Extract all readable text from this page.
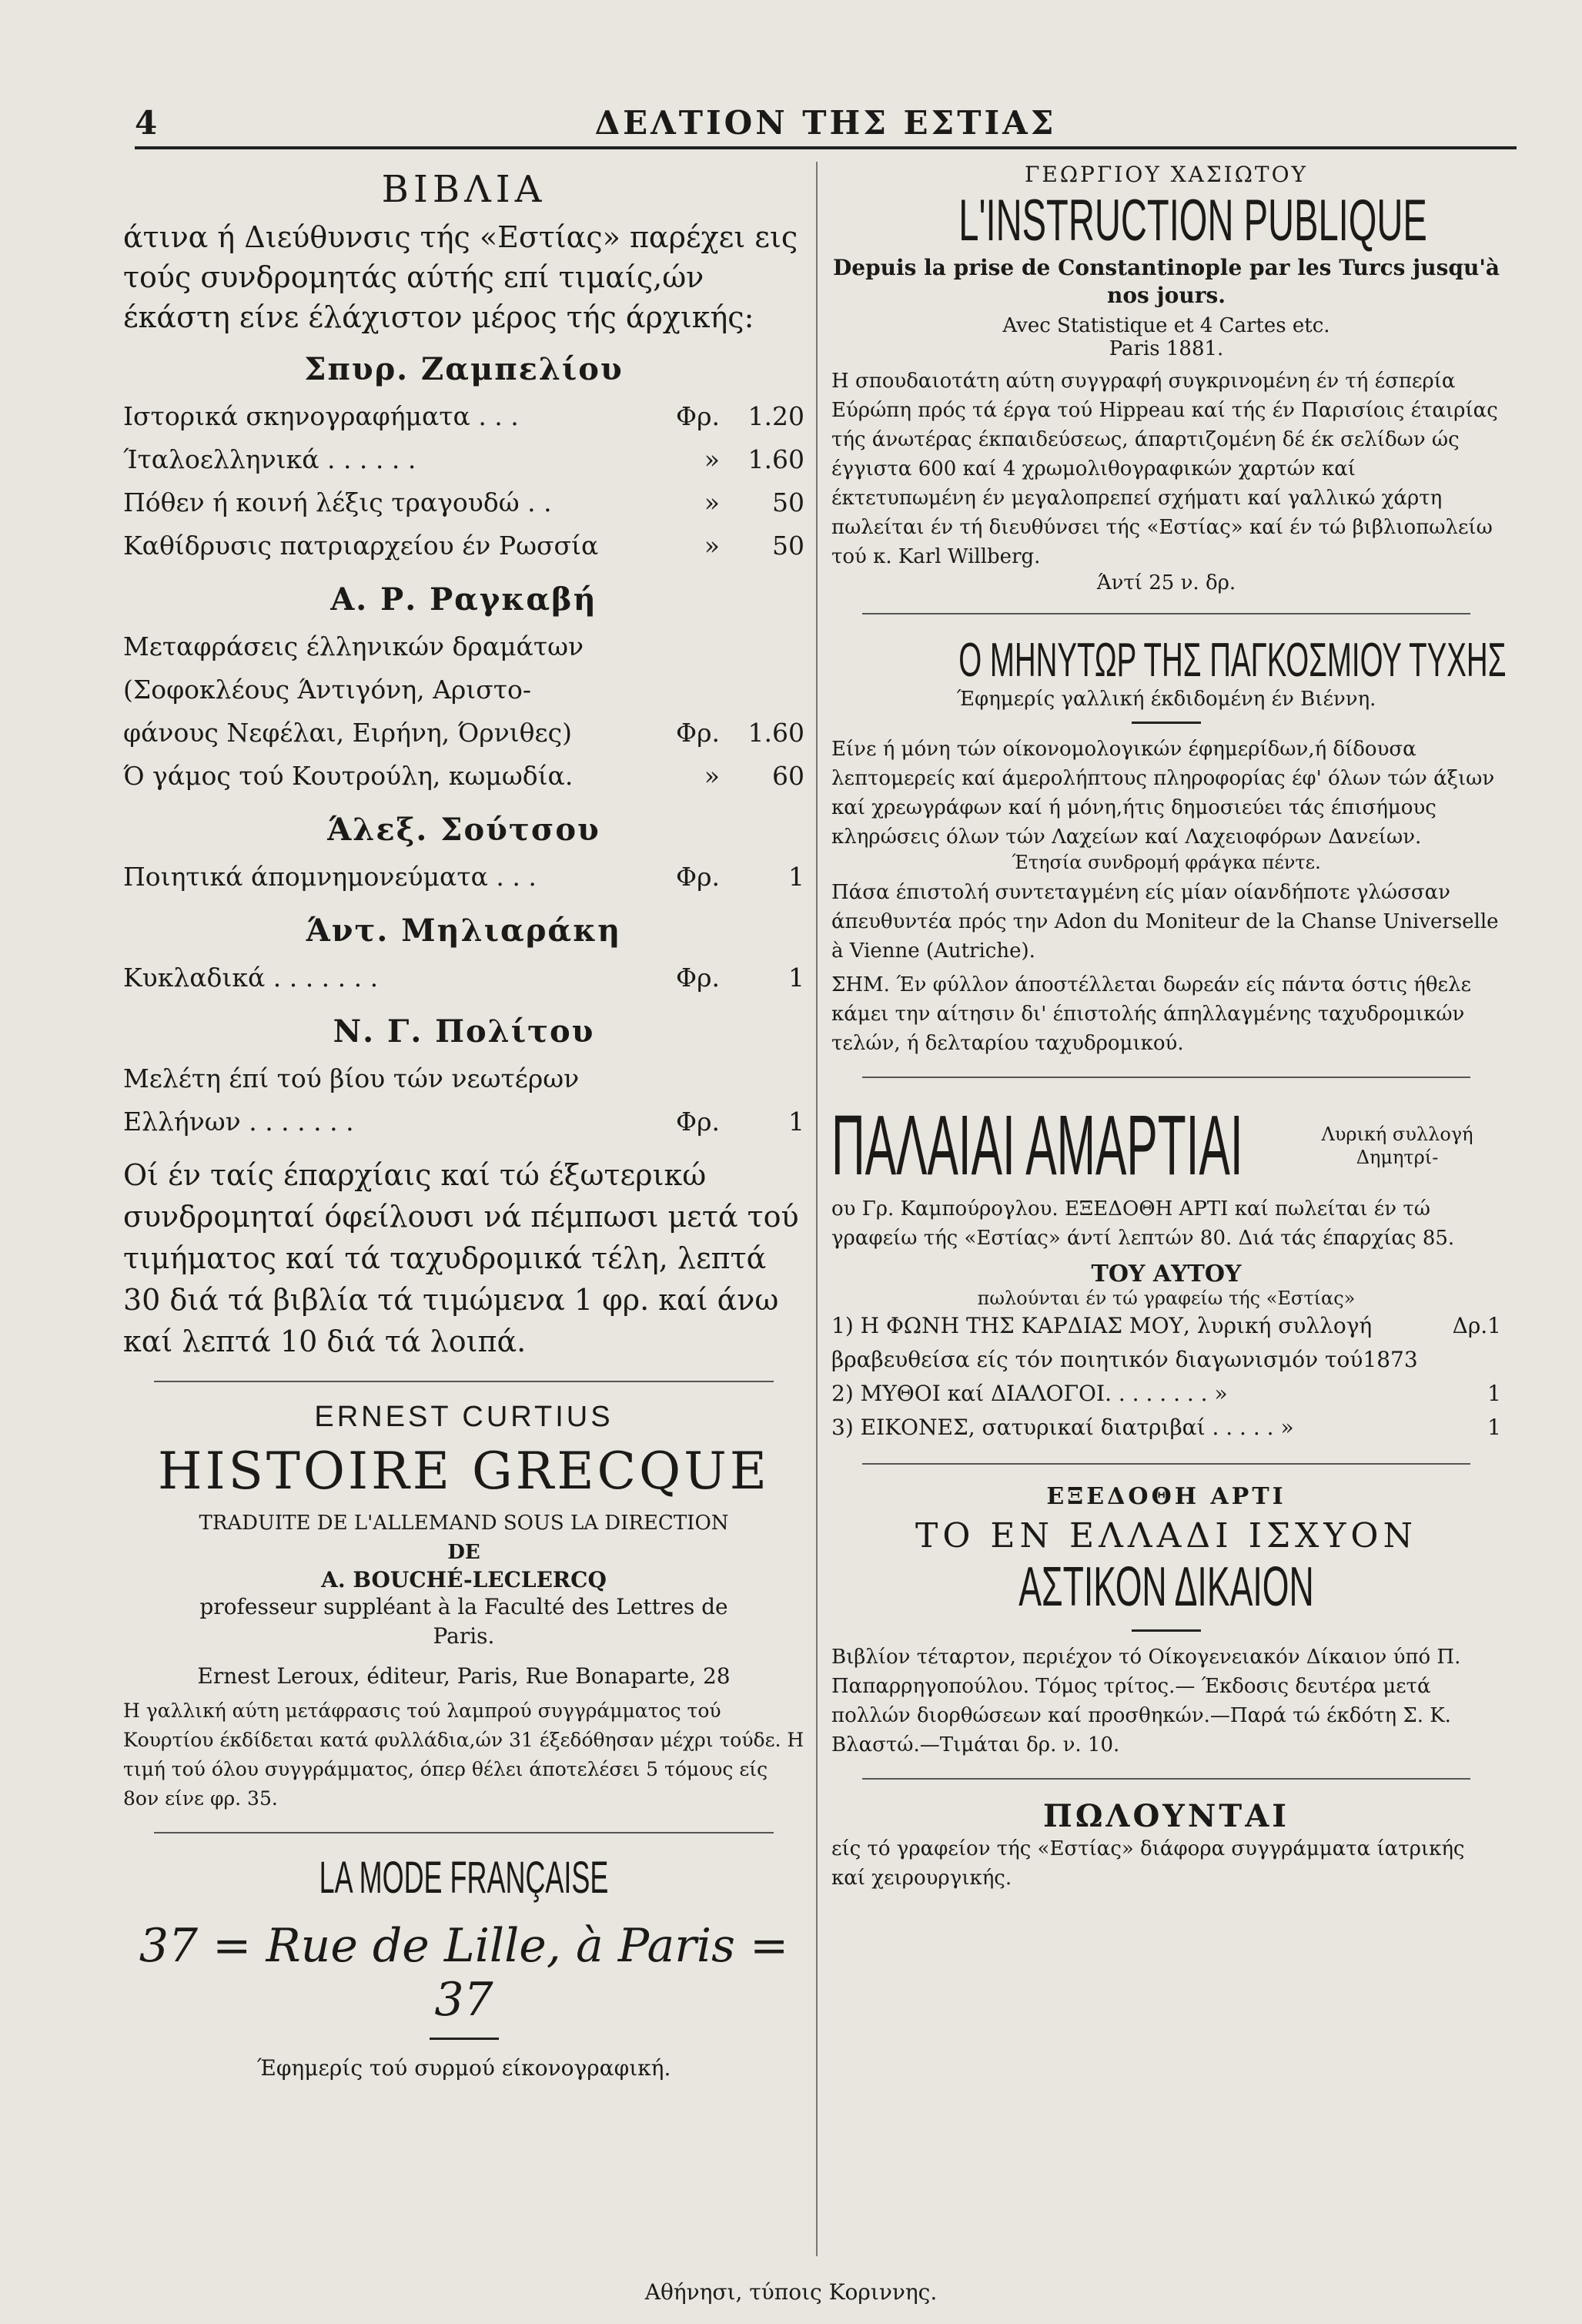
4	ΔΕΛΤΙΟΝ ΤΗΣ ΕΣΤΙΑΣ
ΒΙΒΛΙΑ
άτινα ή Διεύθυνσις τής «Εστίας» παρέχει εις τούς συνδρομητάς αύτής επί τιμαίς,ών έκάστη είνε έλάχιστον μέρος τής άρχικής:
Σπυρ. Ζαμπελίου
Ιστορικά σκηνογραφήματα . . .	Φρ.	1.20
Ίταλοελληνικά . . . . . .	»	1.60
Πόθεν ή κοινή λέξις τραγουδώ . .	»	50
Καθίδρυσις πατριαρχείου έν Ρωσσία	»	50
Α. Ρ. Ραγκαβή
Μεταφράσεις έλληνικών δραμάτων
(Σοφοκλέους Άντιγόνη, Αριστο-
φάνους Νεφέλαι, Ειρήνη, Όρνιθες)	Φρ.	1.60
Ό γάμος τού Κουτρούλη, κωμωδία.	»	60
Άλεξ. Σούτσου
Ποιητικά άπομνημονεύματα . . .	Φρ.	1
Άντ. Μηλιαράκη
Κυκλαδικά . . . . . . .	Φρ.	1
Ν. Γ. Πολίτου
Μελέτη έπί τού βίου τών νεωτέρων
Ελλήνων . . . . . . .	Φρ.	1
Οί έν ταίς έπαρχίαις καί τώ έξωτερικώ συνδρομηταί όφείλουσι νά πέμπωσι μετά τού τιμήματος καί τά ταχυδρομικά τέλη, λεπτά 30 διά τά βιβλία τά τιμώμενα 1 φρ. καί άνω καί λεπτά 10 διά τά λοιπά.
ERNEST CURTIUS
HISTOIRE GRECQUE
TRADUITE DE L'ALLEMAND SOUS LA DIRECTION
DE
A. BOUCHÉ-LECLERCQ
professeur suppléant à la Faculté des Lettres de Paris.
Ernest Leroux, éditeur, Paris, Rue Bonaparte, 28
Η γαλλική αύτη μετάφρασις τού λαμπρού συγγράμματος τού Κουρτίου έκδίδεται κατά φυλλάδια,ών 31 έξεδόθησαν μέχρι τούδε. Η τιμή τού όλου συγγράμματος, όπερ θέλει άποτελέσει 5 τόμους είς 8ον είνε φρ. 35.
LA MODE FRANÇAISE
37 = Rue de Lille, à Paris = 37
Έφημερίς τού συρμού είκονογραφική.
ΓΕΩΡΓΙΟΥ ΧΑΣΙΩΤΟΥ
L'INSTRUCTION PUBLIQUE
Depuis la prise de Constantinople par les Turcs jusqu'à nos jours.
Avec Statistique et 4 Cartes etc.
Paris 1881.
Η σπουδαιοτάτη αύτη συγγραφή συγκρινομένη έν τή έσπερία Εύρώπη πρός τά έργα τού Hippeau καί τής έν Παρισίοις έταιρίας τής άνωτέρας έκπαιδεύσεως, άπαρτιζομένη δέ έκ σελίδων ώς έγγιστα 600 καί 4 χρωμολιθογραφικών χαρτών καί έκτετυπωμένη έν μεγαλοπρεπεί σχήματι καί γαλλικώ χάρτη πωλείται έν τή διευθύνσει τής «Εστίας» καί έν τώ βιβλιοπωλείω τού κ. Karl Willberg.
Άντί 25 ν. δρ.
Ο ΜΗΝΥΤΩΡ ΤΗΣ ΠΑΓΚΟΣΜΙΟΥ ΤΥΧΗΣ
Έφημερίς γαλλική έκδιδομένη έν Βιέννη.
Είνε ή μόνη τών οίκονομολογικών έφημερίδων,ή δίδουσα λεπτομερείς καί άμερολήπτους πληροφορίας έφ' όλων τών άξιων καί χρεωγράφων καί ή μόνη,ήτις δημοσιεύει τάς έπισήμους κληρώσεις όλων τών Λαχείων καί Λαχειοφόρων Δανείων.
Έτησία συνδρομή φράγκα πέντε.
Πάσα έπιστολή συντεταγμένη είς μίαν οίανδήποτε γλώσσαν άπευθυντέα πρός την Adon du Moniteur de la Chanse Universelle à Vienne (Autriche).
ΣΗΜ. Έν φύλλον άποστέλλεται δωρεάν είς πάντα όστις ήθελε κάμει την αίτησιν δι' έπιστολής άπηλλαγμένης ταχυδρομικών τελών, ή δελταρίου ταχυδρομικού.
ΠΑΛΑΙΑΙ ΑΜΑΡΤΙΑΙ	Λυρική συλλογή Δημητρί-
ου Γρ. Καμπούρογλου. ΕΞΕΔΟΘΗ ΑΡΤΙ καί πωλείται έν τώ γραφείω τής «Εστίας» άντί λεπτών 80. Διά τάς έπαρχίας 85.
ΤΟΥ ΑΥΤΟΥ
πωλούνται έν τώ γραφείω τής «Εστίας»
1) Η ΦΩΝΗ ΤΗΣ ΚΑΡΔΙΑΣ ΜΟΥ, λυρική συλλογή βραβευθείσα είς τόν ποιητικόν διαγωνισμόν τού1873
Δρ.1
2) ΜΥΘΟΙ καί ΔΙΑΛΟΓΟΙ. . . . . . . . »	1
3) ΕΙΚΟΝΕΣ, σατυρικαί διατριβαί . . . . . »	1
ΕΞΕΔΟΘΗ ΑΡΤΙ
ΤΟ ΕΝ ΕΛΛΑΔΙ ΙΣΧΥΟΝ
ΑΣΤΙΚΟΝ ΔΙΚΑΙΟΝ
Βιβλίον τέταρτον, περιέχον τό Οίκογενειακόν Δίκαιον ύπό Π. Παπαρρηγοπούλου. Τόμος τρίτος.— Έκδοσις δευτέρα μετά πολλών διορθώσεων καί προσθηκών.—Παρά τώ έκδότη Σ. Κ. Βλαστώ.—Τιμάται δρ. ν. 10.
ΠΩΛΟΥΝΤΑΙ
είς τό γραφείον τής «Εστίας» διάφορα συγγράμματα ίατρικής καί χειρουργικής.
Αθήνησι, τύποις Κοριννης.
